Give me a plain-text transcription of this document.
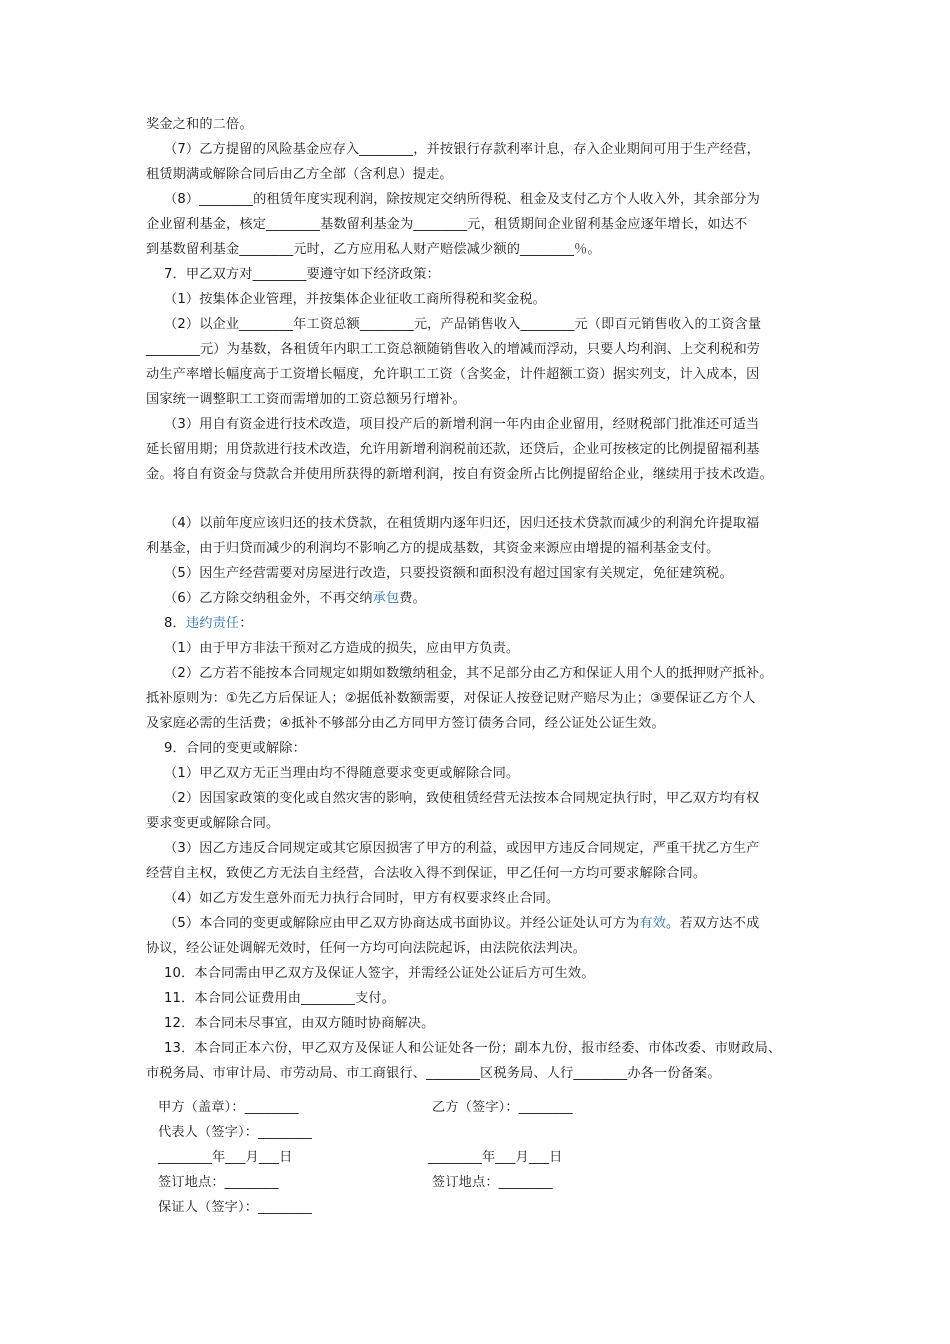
奖金之和的二倍。
（7）乙方提留的风险基金应存入________，并按银行存款利率计息，存入企业期间可用于生产经营，
租赁期满或解除合同后由乙方全部（含利息）提走。
（8）________的租赁年度实现利润，除按规定交纳所得税、租金及支付乙方个人收入外，其余部分为
企业留利基金，核定________基数留利基金为________元，租赁期间企业留利基金应逐年增长，如达不
到基数留利基金________元时，乙方应用私人财产赔偿减少额的________％。
7．甲乙双方对________要遵守如下经济政策：
（1）按集体企业管理，并按集体企业征收工商所得税和奖金税。
（2）以企业________年工资总额________元，产品销售收入________元（即百元销售收入的工资含量
________元）为基数，各租赁年内职工工资总额随销售收入的增减而浮动，只要人均利润、上交利税和劳
动生产率增长幅度高于工资增长幅度，允许职工工资（含奖金，计件超额工资）据实列支，计入成本，因
国家统一调整职工工资而需增加的工资总额另行增补。
（3）用自有资金进行技术改造，项目投产后的新增利润一年内由企业留用，经财税部门批准还可适当
延长留用期；用贷款进行技术改造，允许用新增利润税前还款，还贷后，企业可按核定的比例提留福利基
金。将自有资金与贷款合并使用所获得的新增利润，按自有资金所占比例提留给企业，继续用于技术改造。
（4）以前年度应该归还的技术贷款，在租赁期内逐年归还，因归还技术贷款而减少的利润允许提取福
利基金，由于归贷而减少的利润均不影响乙方的提成基数，其资金来源应由增提的福利基金支付。
（5）因生产经营需要对房屋进行改造，只要投资额和面积没有超过国家有关规定，免征建筑税。
（6）乙方除交纳租金外，不再交纳承包费。
8．违约责任：
（1）由于甲方非法干预对乙方造成的损失，应由甲方负责。
（2）乙方若不能按本合同规定如期如数缴纳租金，其不足部分由乙方和保证人用个人的抵押财产抵补。
抵补原则为：①先乙方后保证人；②据低补数额需要，对保证人按登记财产赔尽为止；③要保证乙方个人
及家庭必需的生活费；④抵补不够部分由乙方同甲方签订债务合同，经公证处公证生效。
9．合同的变更或解除：
（1）甲乙双方无正当理由均不得随意要求变更或解除合同。
（2）因国家政策的变化或自然灾害的影响，致使租赁经营无法按本合同规定执行时，甲乙双方均有权
要求变更或解除合同。
（3）因乙方违反合同规定或其它原因损害了甲方的利益，或因甲方违反合同规定，严重干扰乙方生产
经营自主权，致使乙方无法自主经营，合法收入得不到保证，甲乙任何一方均可要求解除合同。
（4）如乙方发生意外而无力执行合同时，甲方有权要求终止合同。
（5）本合同的变更或解除应由甲乙双方协商达成书面协议。并经公证处认可方为有效。若双方达不成
协议，经公证处调解无效时，任何一方均可向法院起诉，由法院依法判决。
10．本合同需由甲乙双方及保证人签字，并需经公证处公证后方可生效。
11．本合同公证费用由________支付。
12．本合同未尽事宜，由双方随时协商解决。
13．本合同正本六份，甲乙双方及保证人和公证处各一份；副本九份，报市经委、市体改委、市财政局、
市税务局、市审计局、市劳动局、市工商银行、________区税务局、人行________办各一份备案。
甲方（盖章）：________	乙方（签字）：________
代表人（签字）：________
________年___月___日	________年___月___日
签订地点：________	签订地点：________
保证人（签字）：________
